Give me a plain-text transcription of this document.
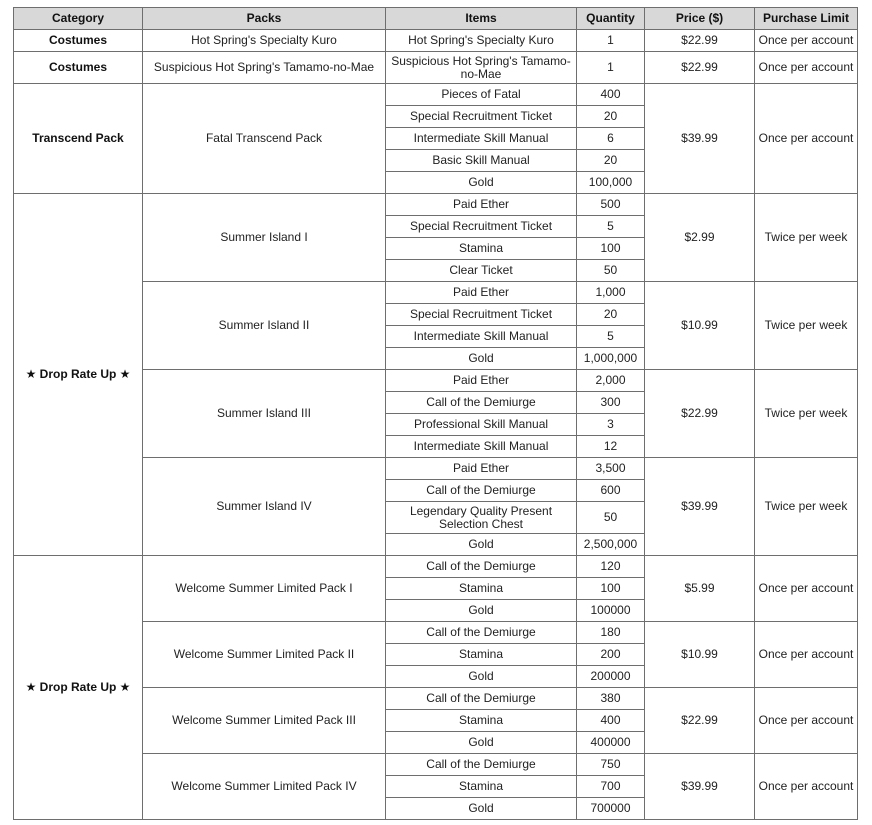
Category	Packs	Items	Quantity	Price ($)	Purchase Limit
Costumes	Hot Spring's Specialty Kuro	Hot Spring's Specialty Kuro	1	$22.99	Once per account
Costumes	Suspicious Hot Spring's Tamamo-no-Mae	Suspicious Hot Spring's Tamamo-no-Mae	1	$22.99	Once per account
Transcend Pack	Fatal Transcend Pack	Pieces of Fatal	400	$39.99	Once per account
		Special Recruitment Ticket	20		
		Intermediate Skill Manual	6		
		Basic Skill Manual	20		
		Gold	100,000		
★ Drop Rate Up ★	Summer Island I	Paid Ether	500	$2.99	Twice per week
		Special Recruitment Ticket	5		
		Stamina	100		
		Clear Ticket	50		
	Summer Island II	Paid Ether	1,000	$10.99	Twice per week
		Special Recruitment Ticket	20		
		Intermediate Skill Manual	5		
		Gold	1,000,000		
	Summer Island III	Paid Ether	2,000	$22.99	Twice per week
		Call of the Demiurge	300		
		Professional Skill Manual	3		
		Intermediate Skill Manual	12		
	Summer Island IV	Paid Ether	3,500	$39.99	Twice per week
		Call of the Demiurge	600		
		Legendary Quality Present Selection Chest	50		
		Gold	2,500,000		
★ Drop Rate Up ★	Welcome Summer Limited Pack I	Call of the Demiurge	120	$5.99	Once per account
		Stamina	100		
		Gold	100000		
	Welcome Summer Limited Pack II	Call of the Demiurge	180	$10.99	Once per account
		Stamina	200		
		Gold	200000		
	Welcome Summer Limited Pack III	Call of the Demiurge	380	$22.99	Once per account
		Stamina	400		
		Gold	400000		
	Welcome Summer Limited Pack IV	Call of the Demiurge	750	$39.99	Once per account
		Stamina	700		
		Gold	700000		
